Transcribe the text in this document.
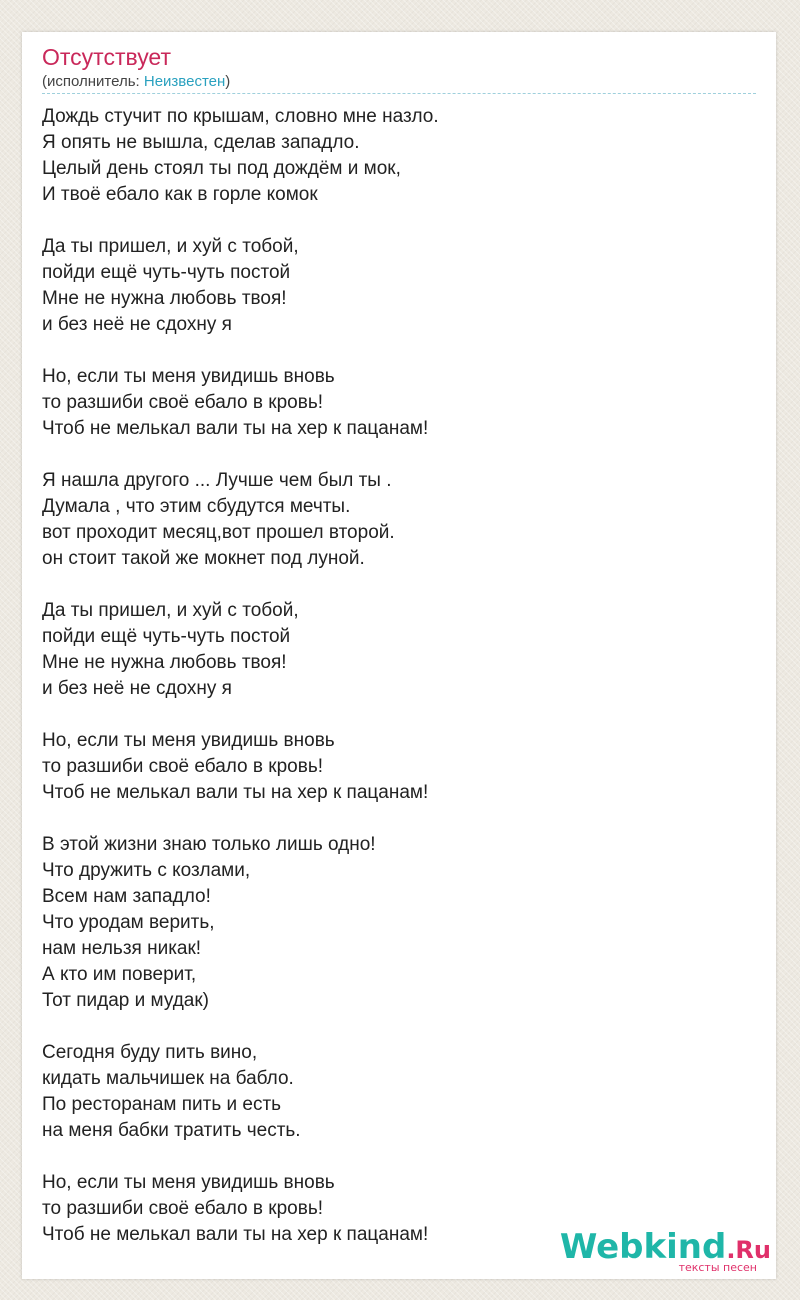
Отсутствует
(исполнитель: Неизвестен)
Дождь стучит по крышам, словно мне назло.
Я опять не вышла, сделав западло.
Целый день стоял ты под дождём и мок,
И твоё ебало как в горле комок
Да ты пришел, и хуй с тобой,
пойди ещё чуть-чуть постой
Мне не нужна любовь твоя!
и без неё не сдохну я
Но, если ты меня увидишь вновь
то разшиби своё ебало в кровь!
Чтоб не мелькал вали ты на хер к пацанам!
Я нашла другого ... Лучше чем был ты .
Думала , что этим сбудутся мечты.
вот проходит месяц,вот прошел второй.
он стоит такой же мокнет под луной.
Да ты пришел, и хуй с тобой,
пойди ещё чуть-чуть постой
Мне не нужна любовь твоя!
и без неё не сдохну я
Но, если ты меня увидишь вновь
то разшиби своё ебало в кровь!
Чтоб не мелькал вали ты на хер к пацанам!
В этой жизни знаю только лишь одно!
Что дружить с козлами,
Всем нам западло!
Что уродам верить,
нам нельзя никак!
А кто им поверит,
Тот пидар и мудак)
Сегодня буду пить вино,
кидать мальчишек на бабло.
По ресторанам пить и есть
на меня бабки тратить честь.
Но, если ты меня увидишь вновь
то разшиби своё ебало в кровь!
Чтоб не мелькал вали ты на хер к пацанам!	Webkind.Ru
тексты песен
